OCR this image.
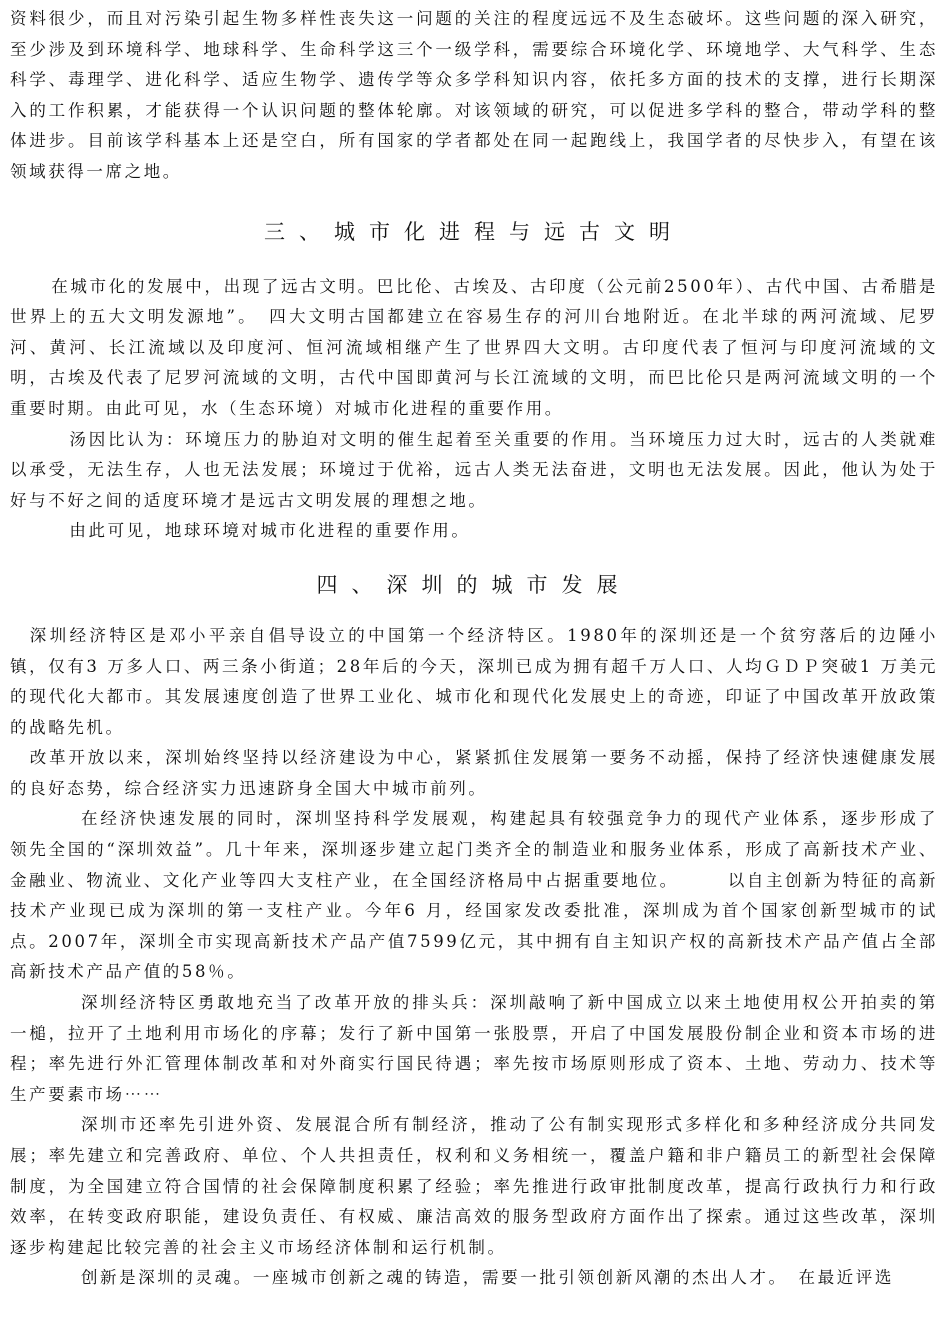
资料很少，而且对污染引起生物多样性丧失这一问题的关注的程度远远不及生态破坏。这些问题的深入研究，至少涉及到环境科学、地球科学、生命科学这三个一级学科，需要综合环境化学、环境地学、大气科学、生态科学、毒理学、进化科学、适应生物学、遗传学等众多学科知识内容，依托多方面的技术的支撑，进行长期深入的工作积累，才能获得一个认识问题的整体轮廓。对该领域的研究，可以促进多学科的整合，带动学科的整体进步。目前该学科基本上还是空白，所有国家的学者都处在同一起跑线上，我国学者的尽快步入，有望在该领域获得一席之地。

三、城市化进程与远古文明

在城市化的发展中，出现了远古文明。巴比伦、古埃及、古印度（公元前2500年）、古代中国、古希腊是世界上的五大文明发源地”。　四大文明古国都建立在容易生存的河川台地附近。在北半球的两河流域、尼罗河、黄河、长江流域以及印度河、恒河流域相继产生了世界四大文明。古印度代表了恒河与印度河流域的文明，古埃及代表了尼罗河流域的文明，古代中国即黄河与长江流域的文明，而巴比伦只是两河流域文明的一个重要时期。由此可见，水（生态环境）对城市化进程的重要作用。

汤因比认为：环境压力的胁迫对文明的催生起着至关重要的作用。当环境压力过大时，远古的人类就难以承受，无法生存，人也无法发展；环境过于优裕，远古人类无法奋进，文明也无法发展。因此，他认为处于好与不好之间的适度环境才是远古文明发展的理想之地。

由此可见，地球环境对城市化进程的重要作用。

四、深圳的城市发展

深圳经济特区是邓小平亲自倡导设立的中国第一个经济特区。1980年的深圳还是一个贫穷落后的边陲小镇，仅有3 万多人口、两三条小街道；28年后的今天，深圳已成为拥有超千万人口、人均ＧＤＰ突破1 万美元的现代化大都市。其发展速度创造了世界工业化、城市化和现代化发展史上的奇迹，印证了中国改革开放政策的战略先机。

改革开放以来，深圳始终坚持以经济建设为中心，紧紧抓住发展第一要务不动摇，保持了经济快速健康发展的良好态势，综合经济实力迅速跻身全国大中城市前列。

在经济快速发展的同时，深圳坚持科学发展观，构建起具有较强竞争力的现代产业体系，逐步形成了领先全国的“深圳效益”。几十年来，深圳逐步建立起门类齐全的制造业和服务业体系，形成了高新技术产业、金融业、物流业、文化产业等四大支柱产业，在全国经济格局中占据重要地位。　　　以自主创新为特征的高新技术产业现已成为深圳的第一支柱产业。今年6 月，经国家发改委批准，深圳成为首个国家创新型城市的试点。2007年，深圳全市实现高新技术产品产值7599亿元，其中拥有自主知识产权的高新技术产品产值占全部高新技术产品产值的58％。

深圳经济特区勇敢地充当了改革开放的排头兵：深圳敲响了新中国成立以来土地使用权公开拍卖的第一槌，拉开了土地利用市场化的序幕；发行了新中国第一张股票，开启了中国发展股份制企业和资本市场的进程；率先进行外汇管理体制改革和对外商实行国民待遇；率先按市场原则形成了资本、土地、劳动力、技术等生产要素市场⋯⋯

深圳市还率先引进外资、发展混合所有制经济，推动了公有制实现形式多样化和多种经济成分共同发展；率先建立和完善政府、单位、个人共担责任，权利和义务相统一，覆盖户籍和非户籍员工的新型社会保障制度，为全国建立符合国情的社会保障制度积累了经验；率先推进行政审批制度改革，提高行政执行力和行政效率，在转变政府职能，建设负责任、有权威、廉洁高效的服务型政府方面作出了探索。通过这些改革，深圳逐步构建起比较完善的社会主义市场经济体制和运行机制。

创新是深圳的灵魂。一座城市创新之魂的铸造，需要一批引领创新风潮的杰出人才。　在最近评选
